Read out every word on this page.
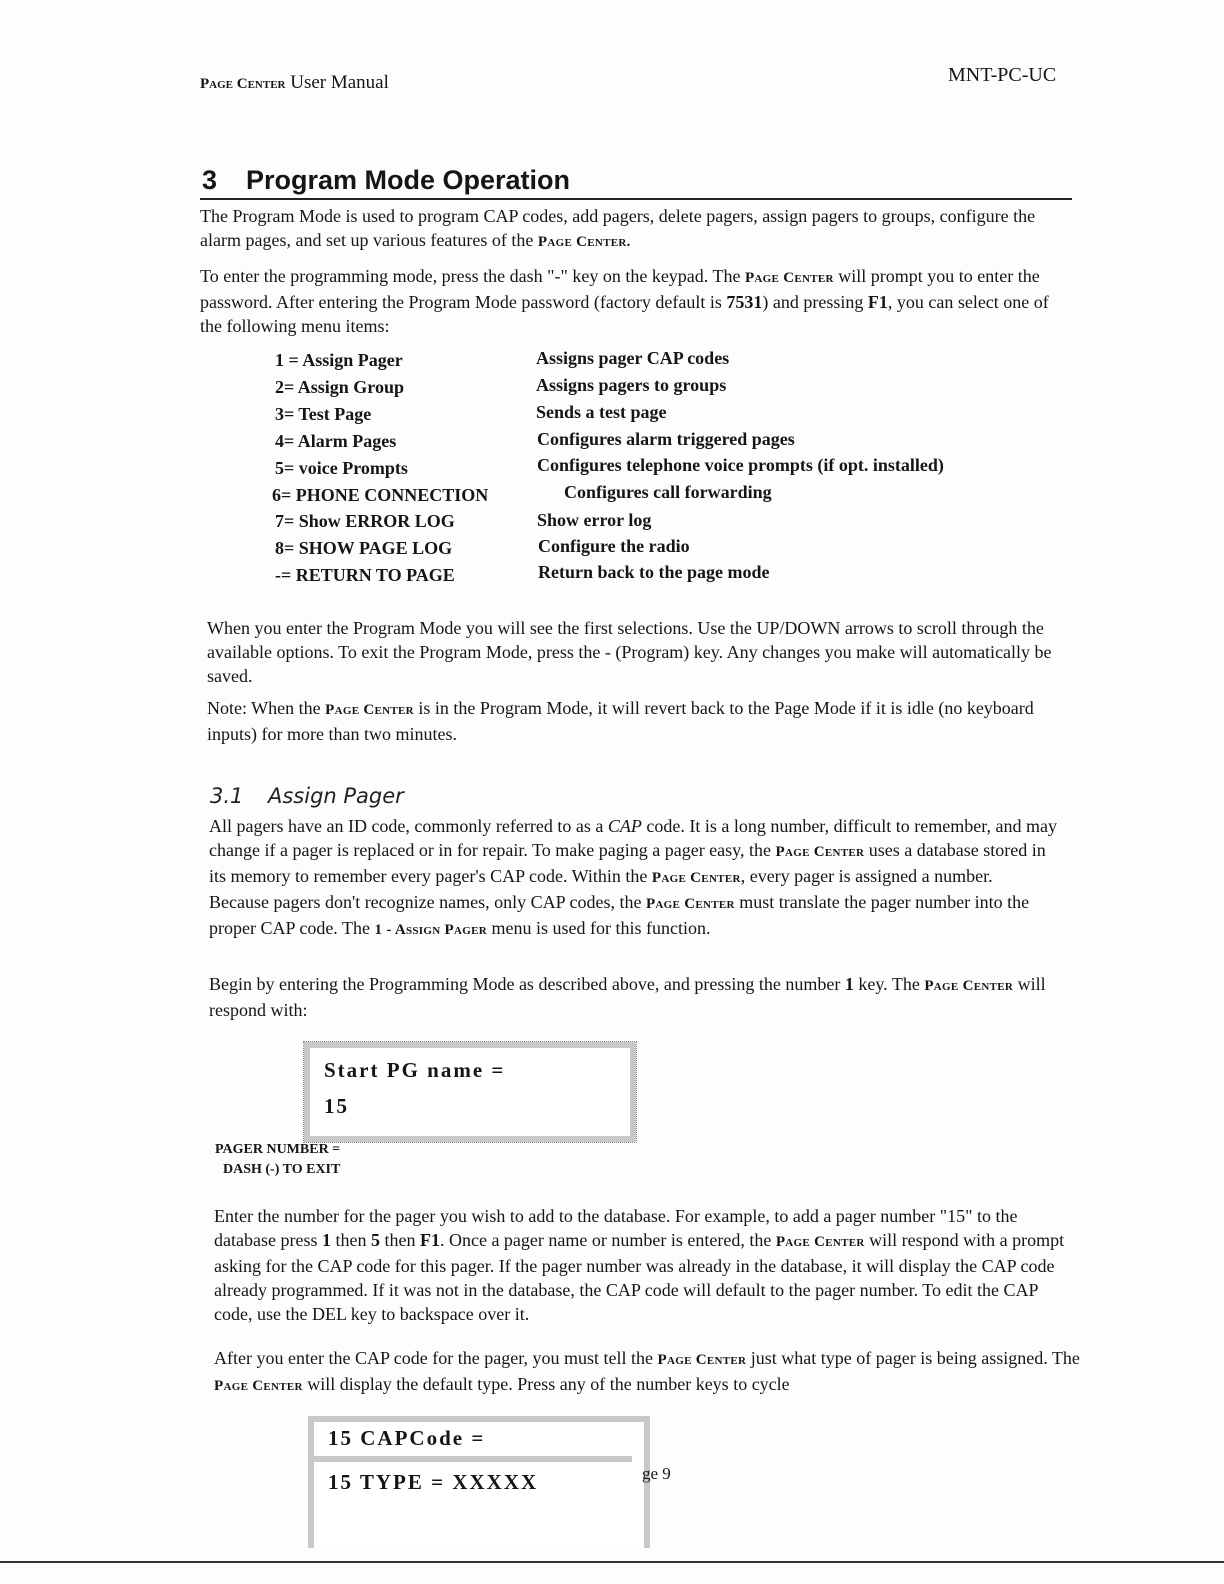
Page Center User Manual	MNT-PC-UC
3 Program Mode Operation
The Program Mode is used to program CAP codes, add pagers, delete pagers, assign pagers to groups, configure the alarm pages, and set up various features of the Page Center.
To enter the programming mode, press the dash "-" key on the keypad. The Page Center will prompt you to enter the password. After entering the Program Mode password (factory default is 7531) and pressing F1, you can select one of the following menu items:
1 = Assign Pager	Assigns pager CAP codes
2= Assign Group	Assigns pagers to groups
3= Test Page	Sends a test page
4= Alarm Pages	Configures alarm triggered pages
5= voice Prompts	Configures telephone voice prompts (if opt. installed)
6= PHONE CONNECTION	Configures call forwarding
7= Show ERROR LOG	Show error log
8= SHOW PAGE LOG	Configure the radio
-= RETURN TO PAGE	Return back to the page mode
When you enter the Program Mode you will see the first selections. Use the UP/DOWN arrows to scroll through the available options. To exit the Program Mode, press the - (Program) key. Any changes you make will automatically be saved.
Note: When the Page Center is in the Program Mode, it will revert back to the Page Mode if it is idle (no keyboard inputs) for more than two minutes.
3.1 Assign Pager
All pagers have an ID code, commonly referred to as a CAP code. It is a long number, difficult to remember, and may change if a pager is replaced or in for repair. To make paging a pager easy, the Page Center uses a database stored in its memory to remember every pager's CAP code. Within the Page Center, every pager is assigned a number. Because pagers don't recognize names, only CAP codes, the Page Center must translate the pager number into the proper CAP code. The 1 - Assign Pager menu is used for this function.
Begin by entering the Programming Mode as described above, and pressing the number 1 key. The Page Center will respond with:
Start PG name =
15
PAGER NUMBER =
DASH (-) TO EXIT
Enter the number for the pager you wish to add to the database. For example, to add a pager number "15" to the database press 1 then 5 then F1. Once a pager name or number is entered, the Page Center will respond with a prompt asking for the CAP code for this pager. If the pager number was already in the database, it will display the CAP code already programmed. If it was not in the database, the CAP code will default to the pager number. To edit the CAP code, use the DEL key to backspace over it.
After you enter the CAP code for the pager, you must tell the Page Center just what type of pager is being assigned. The Page Center will display the default type. Press any of the number keys to cycle
15 CAPCode =
15 TYPE = XXXXX	ge 9
